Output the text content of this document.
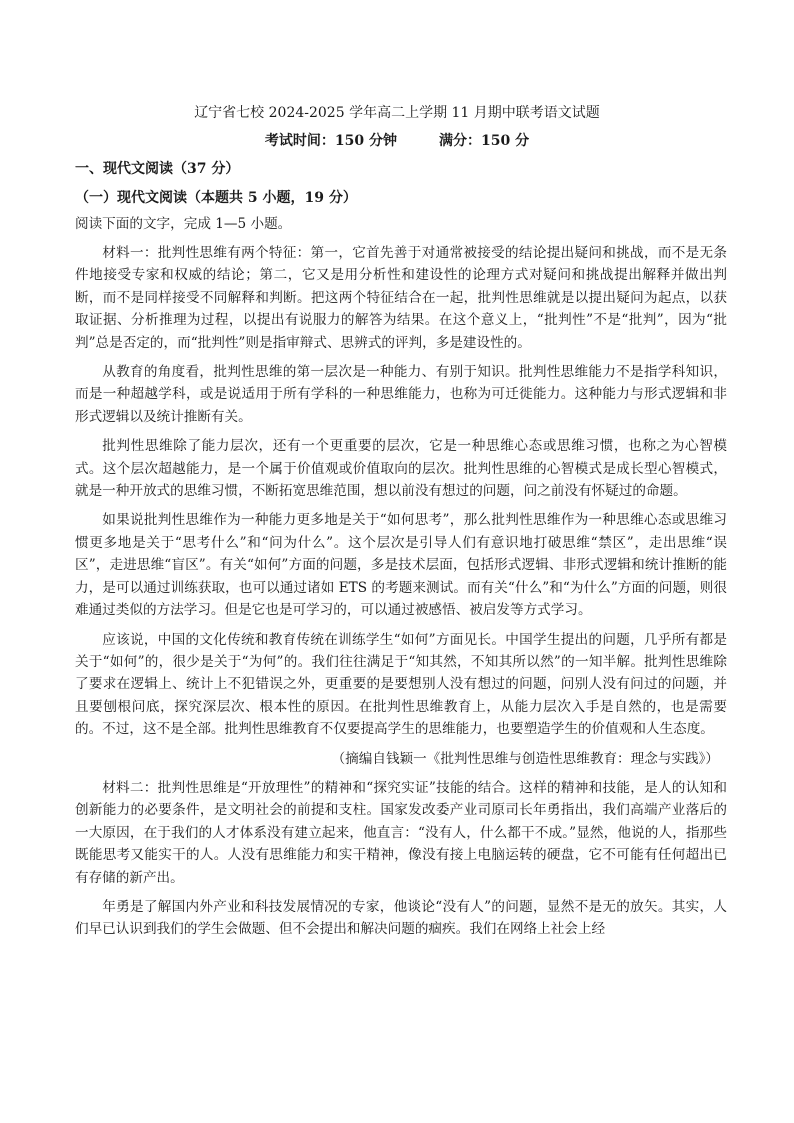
辽宁省七校 2024-2025 学年高二上学期 11 月期中联考语文试题
考试时间：150 分钟	满分：150 分
一、现代文阅读（37 分）
（一）现代文阅读（本题共 5 小题，19 分）
阅读下面的文字，完成 1—5 小题。

材料一：批判性思维有两个特征：第一，它首先善于对通常被接受的结论提出疑问和挑战，而不是无条件地接受专家和权威的结论；第二，它又是用分析性和建设性的论理方式对疑问和挑战提出解释并做出判断，而不是同样接受不同解释和判断。把这两个特征结合在一起，批判性思维就是以提出疑问为起点，以获取证据、分析推理为过程，以提出有说服力的解答为结果。在这个意义上，“批判性”不是“批判”，因为“批判”总是否定的，而“批判性”则是指审辩式、思辨式的评判，多是建设性的。

从教育的角度看，批判性思维的第一层次是一种能力、有别于知识。批判性思维能力不是指学科知识，而是一种超越学科，或是说适用于所有学科的一种思维能力，也称为可迁徙能力。这种能力与形式逻辑和非形式逻辑以及统计推断有关。

批判性思维除了能力层次，还有一个更重要的层次，它是一种思维心态或思维习惯，也称之为心智模式。这个层次超越能力，是一个属于价值观或价值取向的层次。批判性思维的心智模式是成长型心智模式，就是一种开放式的思维习惯，不断拓宽思维范围，想以前没有想过的问题，问之前没有怀疑过的命题。

如果说批判性思维作为一种能力更多地是关于“如何思考”，那么批判性思维作为一种思维心态或思维习惯更多地是关于“思考什么”和“问为什么”。这个层次是引导人们有意识地打破思维“禁区”，走出思维“误区”，走进思维“盲区”。有关“如何”方面的问题，多是技术层面，包括形式逻辑、非形式逻辑和统计推断的能力，是可以通过训练获取，也可以通过诸如 ETS 的考题来测试。而有关“什么”和“为什么”方面的问题，则很难通过类似的方法学习。但是它也是可学习的，可以通过被感悟、被启发等方式学习。

应该说，中国的文化传统和教育传统在训练学生“如何”方面见长。中国学生提出的问题，几乎所有都是关于“如何”的，很少是关于“为何”的。我们往往满足于“知其然，不知其所以然”的一知半解。批判性思维除了要求在逻辑上、统计上不犯错误之外，更重要的是要想别人没有想过的问题，问别人没有问过的问题，并且要刨根问底，探究深层次、根本性的原因。在批判性思维教育上，从能力层次入手是自然的，也是需要的。不过，这不是全部。批判性思维教育不仅要提高学生的思维能力，也要塑造学生的价值观和人生态度。

（摘编自钱颖一《批判性思维与创造性思维教育：理念与实践》）

材料二：批判性思维是“开放理性”的精神和“探究实证”技能的结合。这样的精神和技能，是人的认知和创新能力的必要条件，是文明社会的前提和支柱。国家发改委产业司原司长年勇指出，我们高端产业落后的一大原因，在于我们的人才体系没有建立起来，他直言：“没有人，什么都干不成。”显然，他说的人，指那些既能思考又能实干的人。人没有思维能力和实干精神，像没有接上电脑运转的硬盘，它不可能有任何超出已有存储的新产出。

年勇是了解国内外产业和科技发展情况的专家，他谈论“没有人”的问题，显然不是无的放矢。其实，人们早已认识到我们的学生会做题、但不会提出和解决问题的痼疾。我们在网络上社会上经
